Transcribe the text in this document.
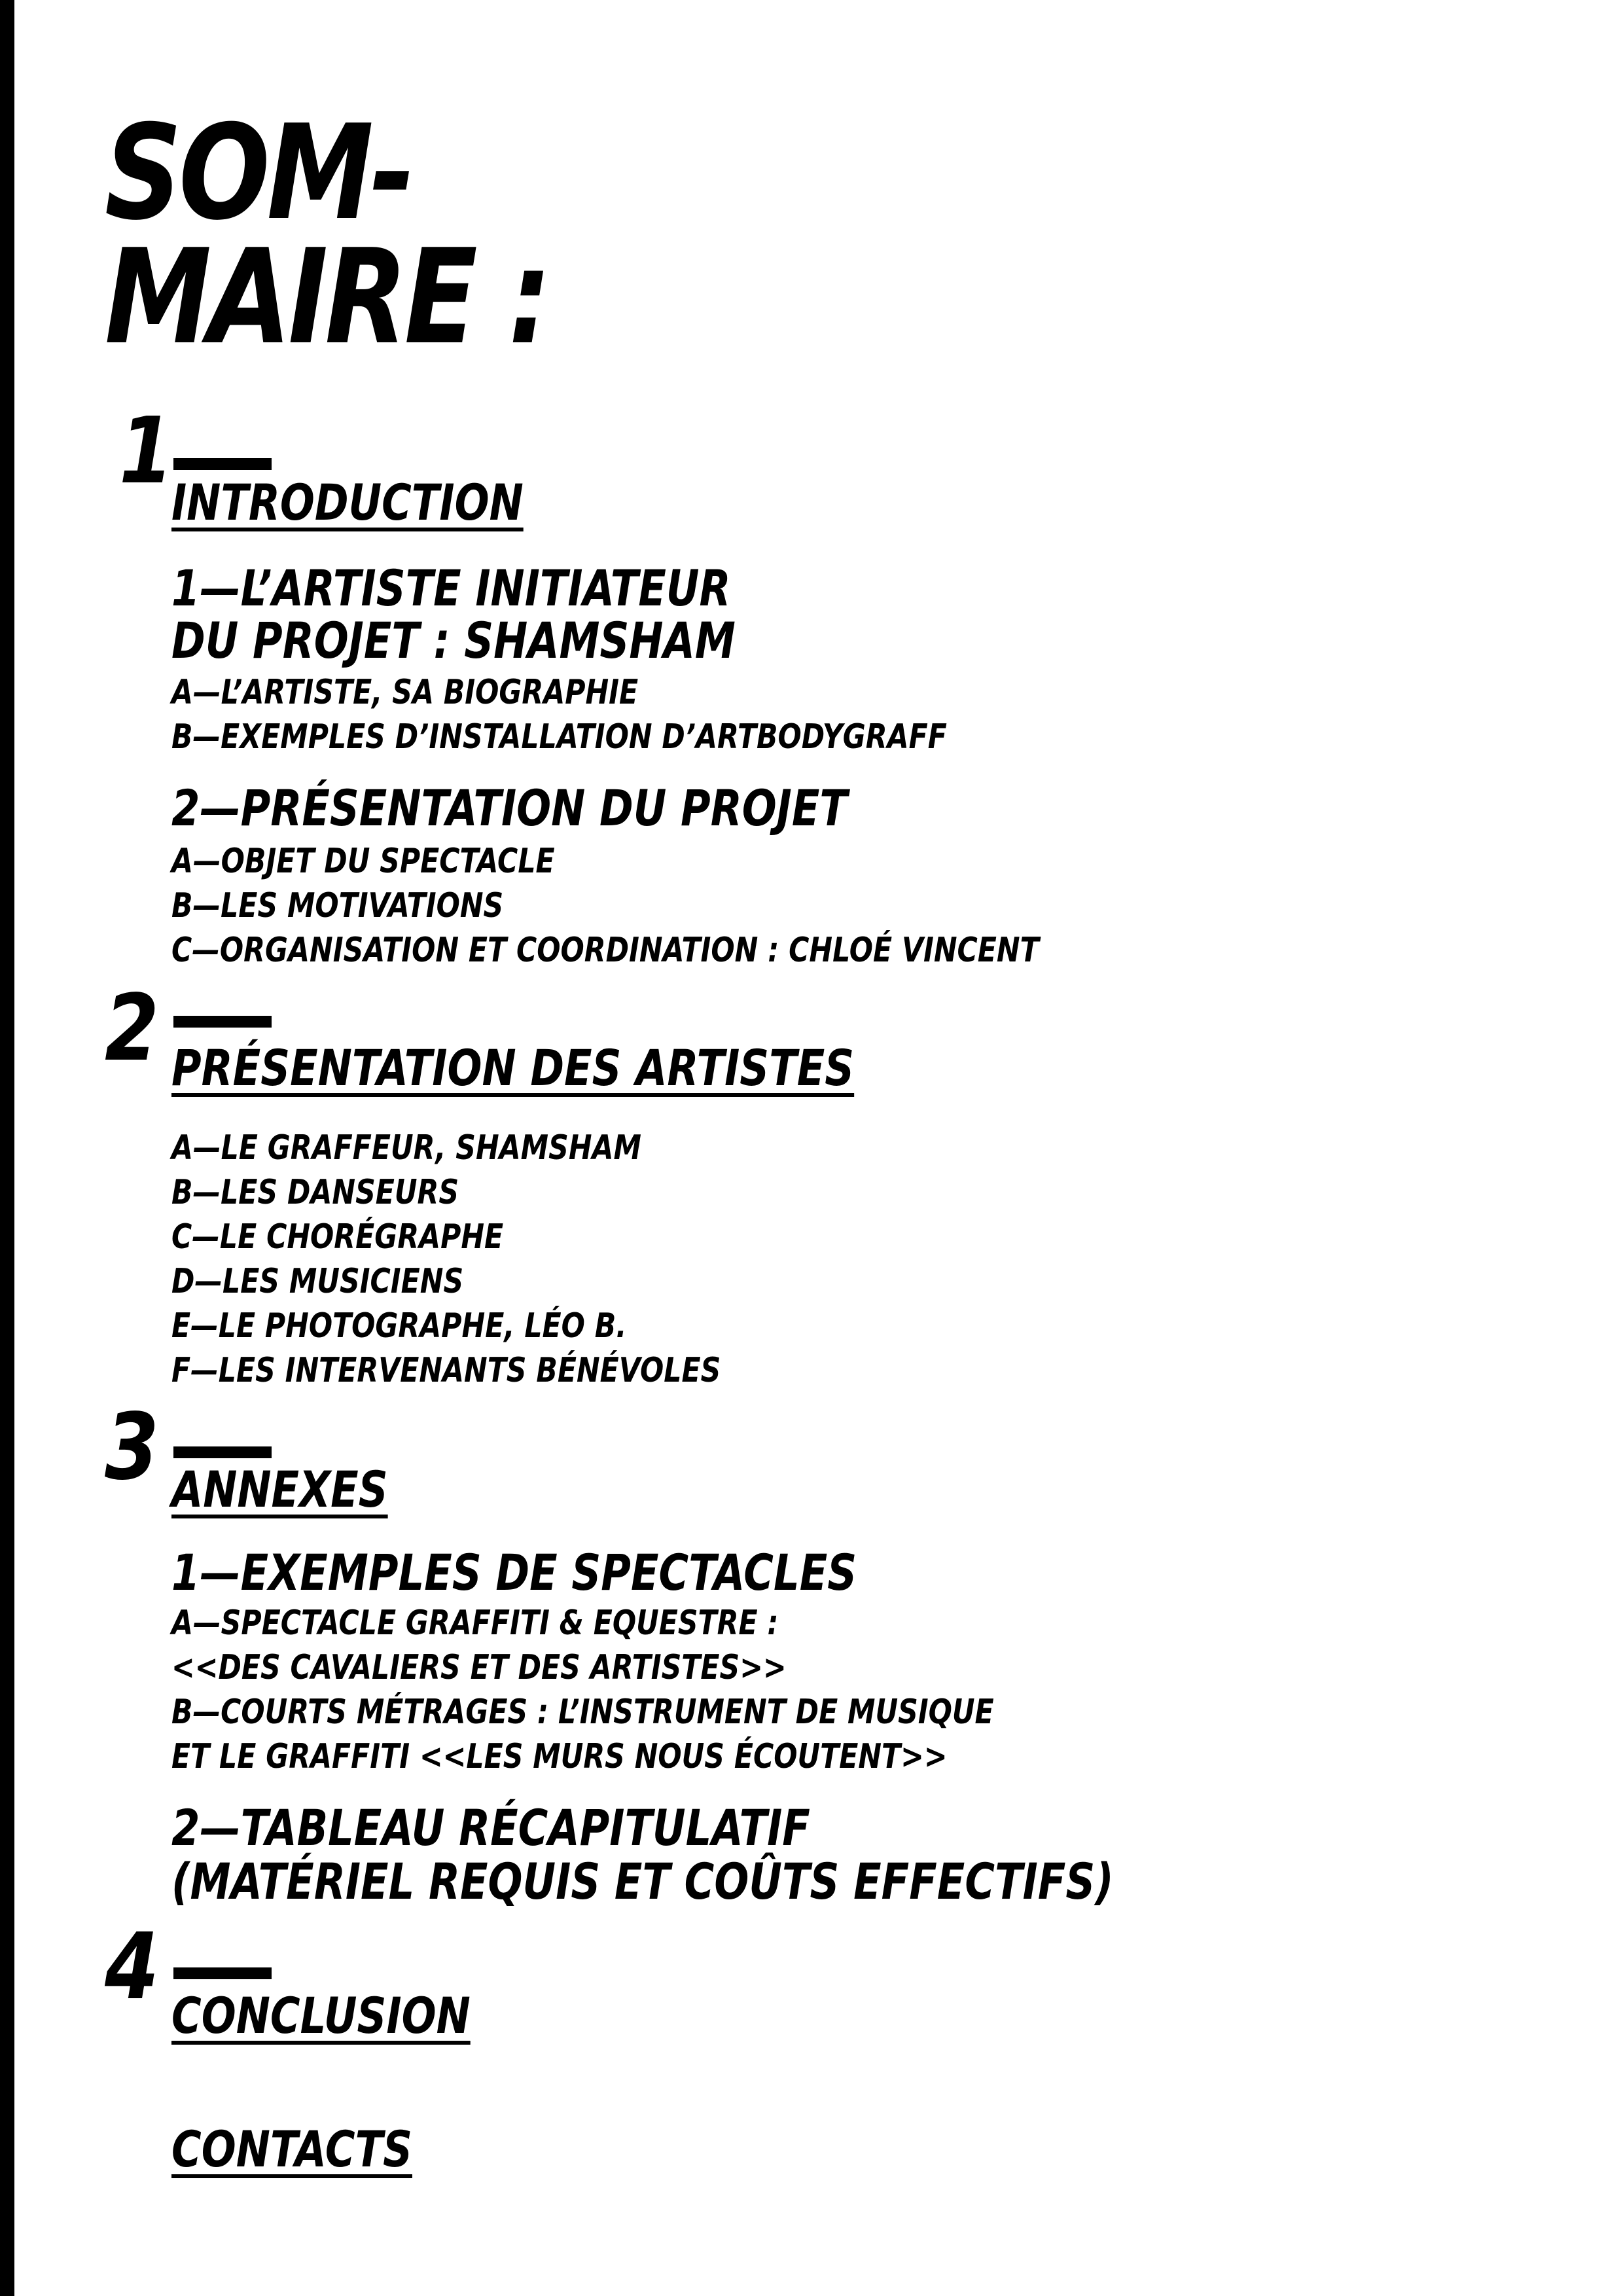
SOM-
MAIRE :
1
INTRODUCTION
1—L’ARTISTE INITIATEUR
DU PROJET : SHAMSHAM
A—L’ARTISTE, SA BIOGRAPHIE
B—EXEMPLES D’INSTALLATION D’ARTBODYGRAFF
2—PRÉSENTATION DU PROJET
A—OBJET DU SPECTACLE
B—LES MOTIVATIONS
C—ORGANISATION ET COORDINATION : CHLOÉ VINCENT
2 PRÉSENTATION DES ARTISTES
A—LE GRAFFEUR, SHAMSHAM
B—LES DANSEURS
C—LE CHORÉGRAPHE
D—LES MUSICIENS
E—LE PHOTOGRAPHE, LÉO B.
F—LES INTERVENANTS BÉNÉVOLES
3 ANNEXES
1—EXEMPLES DE SPECTACLES
A—SPECTACLE GRAFFITI & EQUESTRE :
<<DES CAVALIERS ET DES ARTISTES>>
B—COURTS MÉTRAGES : L’INSTRUMENT DE MUSIQUE
ET LE GRAFFITI <<LES MURS NOUS ÉCOUTENT>>
2—TABLEAU RÉCAPITULATIF
(MATÉRIEL REQUIS ET COÛTS EFFECTIFS)
4 CONCLUSION
CONTACTS
